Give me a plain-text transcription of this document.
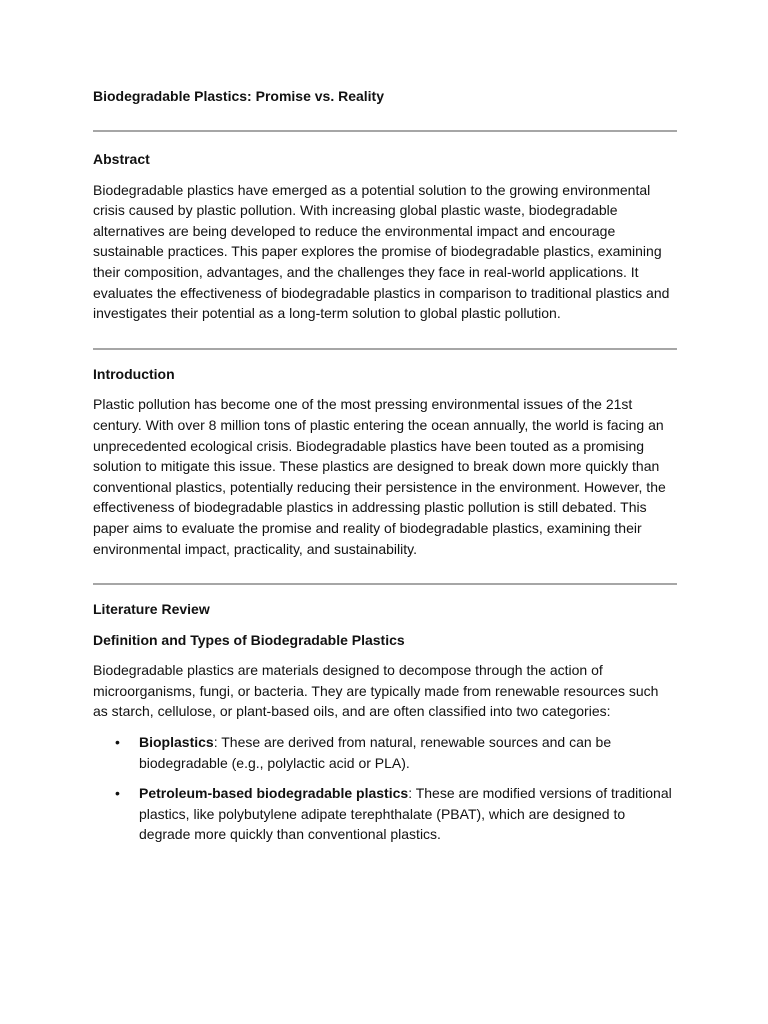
Biodegradable Plastics: Promise vs. Reality

Abstract

Biodegradable plastics have emerged as a potential solution to the growing environmental crisis caused by plastic pollution. With increasing global plastic waste, biodegradable alternatives are being developed to reduce the environmental impact and encourage sustainable practices. This paper explores the promise of biodegradable plastics, examining their composition, advantages, and the challenges they face in real-world applications. It evaluates the effectiveness of biodegradable plastics in comparison to traditional plastics and investigates their potential as a long-term solution to global plastic pollution.

Introduction

Plastic pollution has become one of the most pressing environmental issues of the 21st century. With over 8 million tons of plastic entering the ocean annually, the world is facing an unprecedented ecological crisis. Biodegradable plastics have been touted as a promising solution to mitigate this issue. These plastics are designed to break down more quickly than conventional plastics, potentially reducing their persistence in the environment. However, the effectiveness of biodegradable plastics in addressing plastic pollution is still debated. This paper aims to evaluate the promise and reality of biodegradable plastics, examining their environmental impact, practicality, and sustainability.

Literature Review

Definition and Types of Biodegradable Plastics

Biodegradable plastics are materials designed to decompose through the action of microorganisms, fungi, or bacteria. They are typically made from renewable resources such as starch, cellulose, or plant-based oils, and are often classified into two categories:

• Bioplastics: These are derived from natural, renewable sources and can be biodegradable (e.g., polylactic acid or PLA).
• Petroleum-based biodegradable plastics: These are modified versions of traditional plastics, like polybutylene adipate terephthalate (PBAT), which are designed to degrade more quickly than conventional plastics.
